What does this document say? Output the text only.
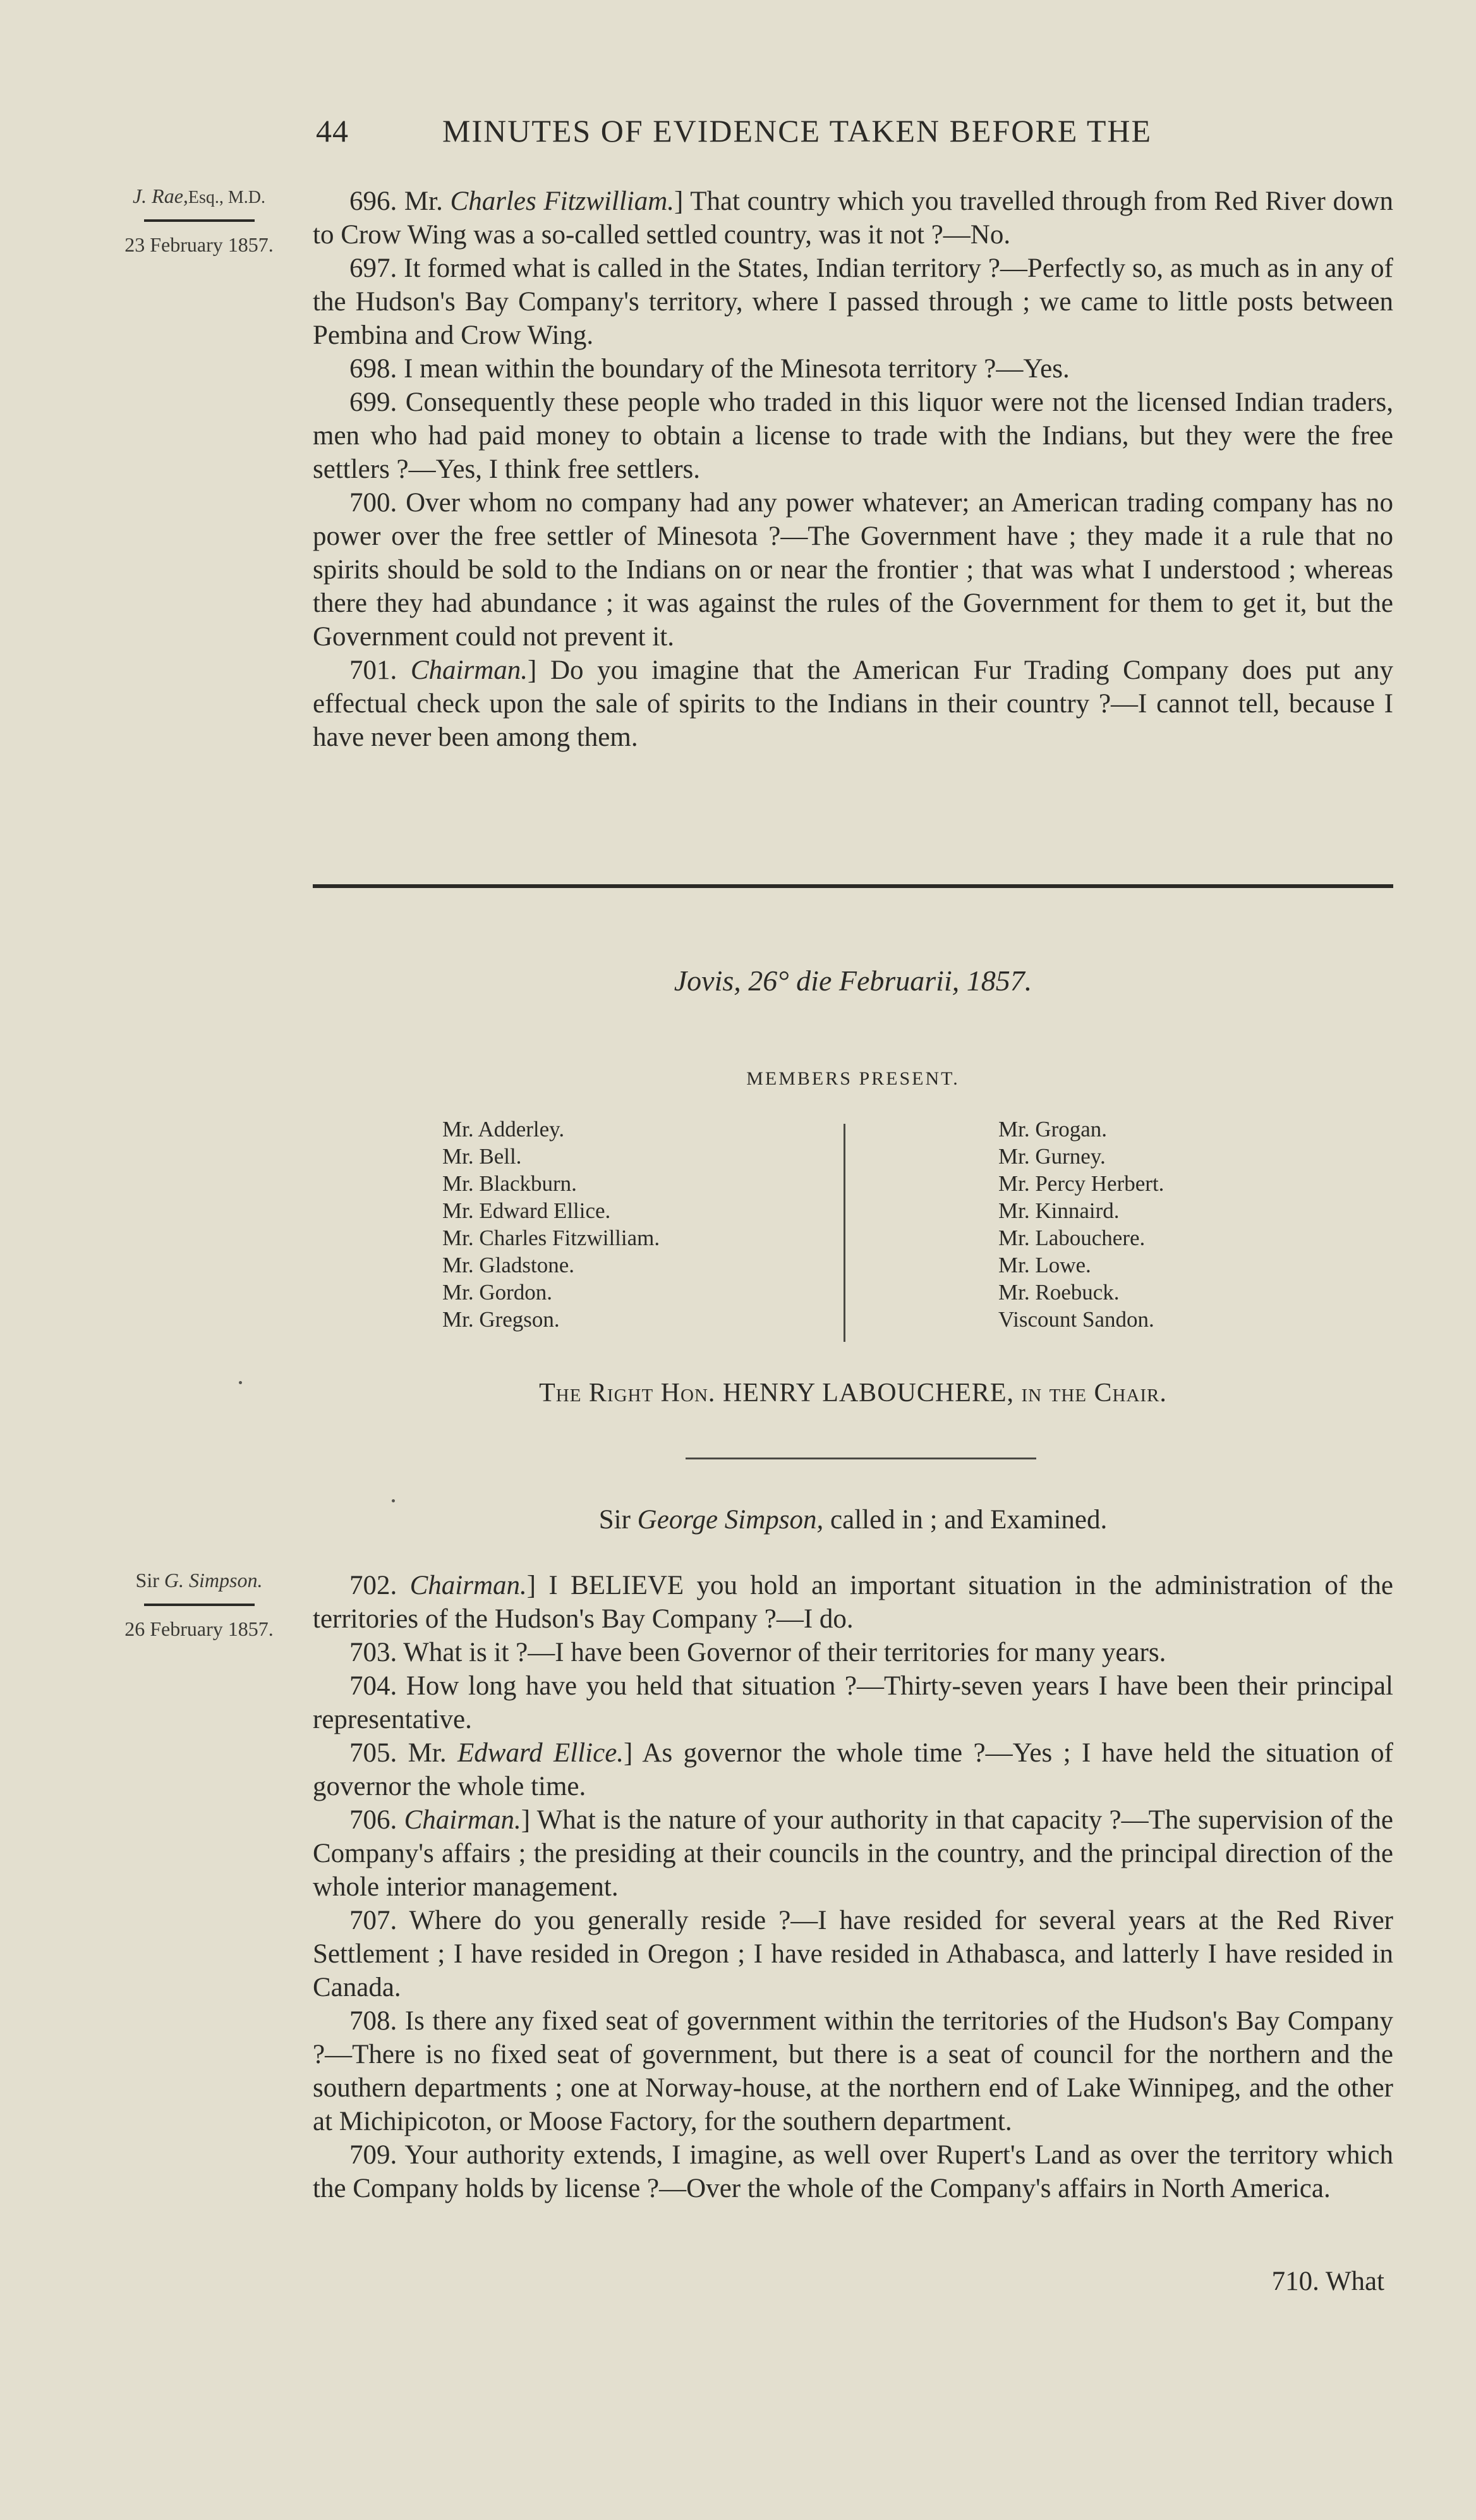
44	MINUTES OF EVIDENCE TAKEN BEFORE THE
J. Rae,Esq., M.D.
23 February 1857.

696. Mr. Charles Fitzwilliam.] That country which you travelled through from Red River down to Crow Wing was a so-called settled country, was it not ?—No.

697. It formed what is called in the States, Indian territory ?—Perfectly so, as much as in any of the Hudson's Bay Company's territory, where I passed through ; we came to little posts between Pembina and Crow Wing.

698. I mean within the boundary of the Minesota territory ?—Yes.

699. Consequently these people who traded in this liquor were not the licensed Indian traders, men who had paid money to obtain a license to trade with the Indians, but they were the free settlers ?—Yes, I think free settlers.

700. Over whom no company had any power whatever; an American trading company has no power over the free settler of Minesota ?—The Government have ; they made it a rule that no spirits should be sold to the Indians on or near the frontier ; that was what I understood ; whereas there they had abundance ; it was against the rules of the Government for them to get it, but the Government could not prevent it.

701. Chairman.] Do you imagine that the American Fur Trading Company does put any effectual check upon the sale of spirits to the Indians in their country ?—I cannot tell, because I have never been among them.

Jovis, 26° die Februarii, 1857.
MEMBERS PRESENT.
Mr. Adderley.
Mr. Bell.
Mr. Blackburn.
Mr. Edward Ellice.
Mr. Charles Fitzwilliam.
Mr. Gladstone.
Mr. Gordon.
Mr. Gregson.
Mr. Grogan.
Mr. Gurney.
Mr. Percy Herbert.
Mr. Kinnaird.
Mr. Labouchere.
Mr. Lowe.
Mr. Roebuck.
Viscount Sandon.
The Right Hon. HENRY LABOUCHERE, in the Chair.
Sir George Simpson, called in ; and Examined.
Sir G. Simpson.
26 February 1857.

702. Chairman.] I BELIEVE you hold an important situation in the administration of the territories of the Hudson's Bay Company ?—I do.

703. What is it ?—I have been Governor of their territories for many years.

704. How long have you held that situation ?—Thirty-seven years I have been their principal representative.

705. Mr. Edward Ellice.] As governor the whole time ?—Yes ; I have held the situation of governor the whole time.

706. Chairman.] What is the nature of your authority in that capacity ?—The supervision of the Company's affairs ; the presiding at their councils in the country, and the principal direction of the whole interior management.

707. Where do you generally reside ?—I have resided for several years at the Red River Settlement ; I have resided in Oregon ; I have resided in Athabasca, and latterly I have resided in Canada.

708. Is there any fixed seat of government within the territories of the Hudson's Bay Company ?—There is no fixed seat of government, but there is a seat of council for the northern and the southern departments ; one at Norway-house, at the northern end of Lake Winnipeg, and the other at Michipicoton, or Moose Factory, for the southern department.

709. Your authority extends, I imagine, as well over Rupert's Land as over the territory which the Company holds by license ?—Over the whole of the Company's affairs in North America.

710. What
